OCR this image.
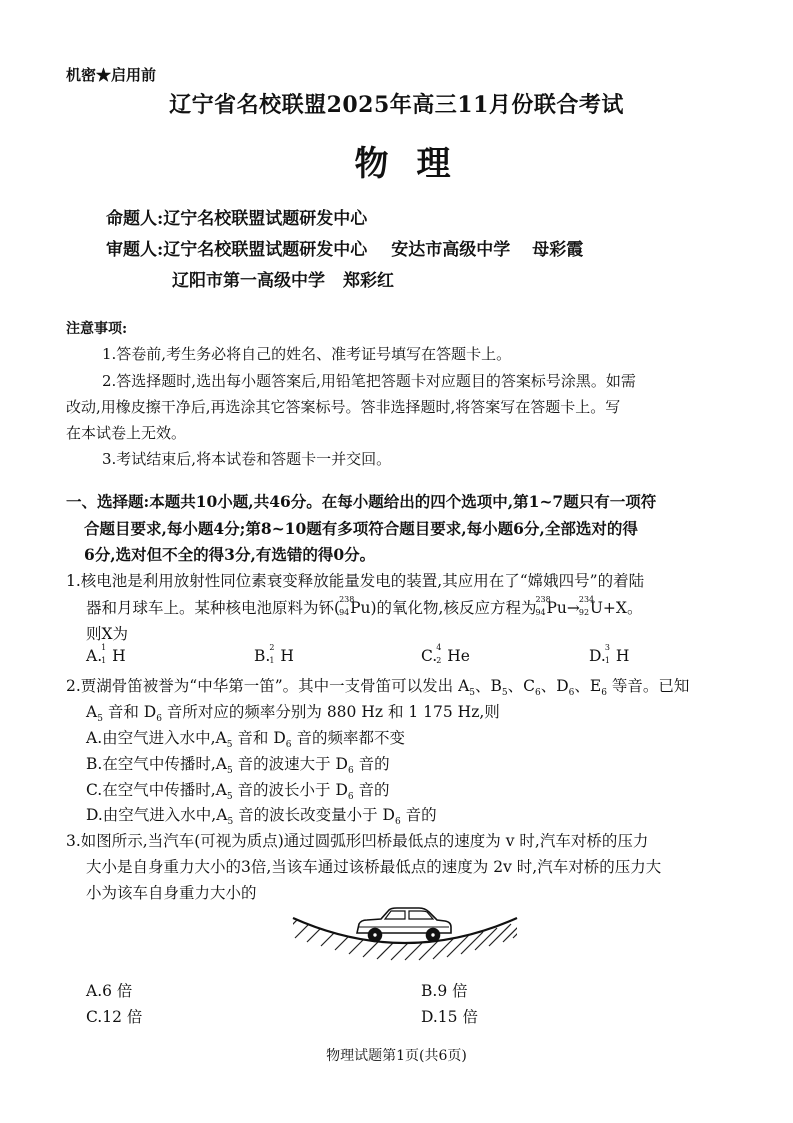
机密★启用前
辽宁省名校联盟2025年高三11月份联合考试
物理
命题人:辽宁名校联盟试题研发中心
审题人:辽宁名校联盟试题研发中心 安达市高级中学 母彩霞
辽阳市第一高级中学 郑彩红
注意事项:
1.答卷前,考生务必将自己的姓名、准考证号填写在答题卡上。
2.答选择题时,选出每小题答案后,用铅笔把答题卡对应题目的答案标号涂黑。如需
改动,用橡皮擦干净后,再选涂其它答案标号。答非选择题时,将答案写在答题卡上。写
在本试卷上无效。
3.考试结束后,将本试卷和答题卡一并交回。
一、选择题:本题共10小题,共46分。在每小题给出的四个选项中,第1~7题只有一项符
合题目要求,每小题4分;第8~10题有多项符合题目要求,每小题6分,全部选对的得
6分,选对但不全的得3分,有选错的得0分。
1.核电池是利用放射性同位素衰变释放能量发电的装置,其应用在了“嫦娥四号”的着陆
器和月球车上。某种核电池原料为钚( 238
94 Pu)的氧化物,核反应方程为 238
94 Pu→ 234
92 U+X。
则X为
A. 1
1 H	B. 2
1 H	C. 4
2 He	D. 3
1 H
2.贾湖骨笛被誉为“中华第一笛”。其中一支骨笛可以发出 $A_5$、$B_5$、$C_6$、$D_6$、$E_6$ 等音。已知
$A_5$ 音和 $D_6$ 音所对应的频率分别为 880 Hz 和 1 175 Hz,则
A.由空气进入水中$,A_5$ 音和 $D_6$ 音的频率都不变
B.在空气中传播时$,A_5$ 音的波速大于 $D_6$ 音的
C.在空气中传播时$,A_5$ 音的波长小于 $D_6$ 音的
D.由空气进入水中$,A_5$ 音的波长改变量小于 $D_6$ 音的
3.如图所示,当汽车(可视为质点)通过圆弧形凹桥最低点的速度为 v 时,汽车对桥的压力
大小是自身重力大小的3倍,当该车通过该桥最低点的速度为 2v 时,汽车对桥的压力大
小为该车自身重力大小的
A.6 倍	B.9 倍
C.12 倍	D.15 倍
物理试题第1页(共6页)
